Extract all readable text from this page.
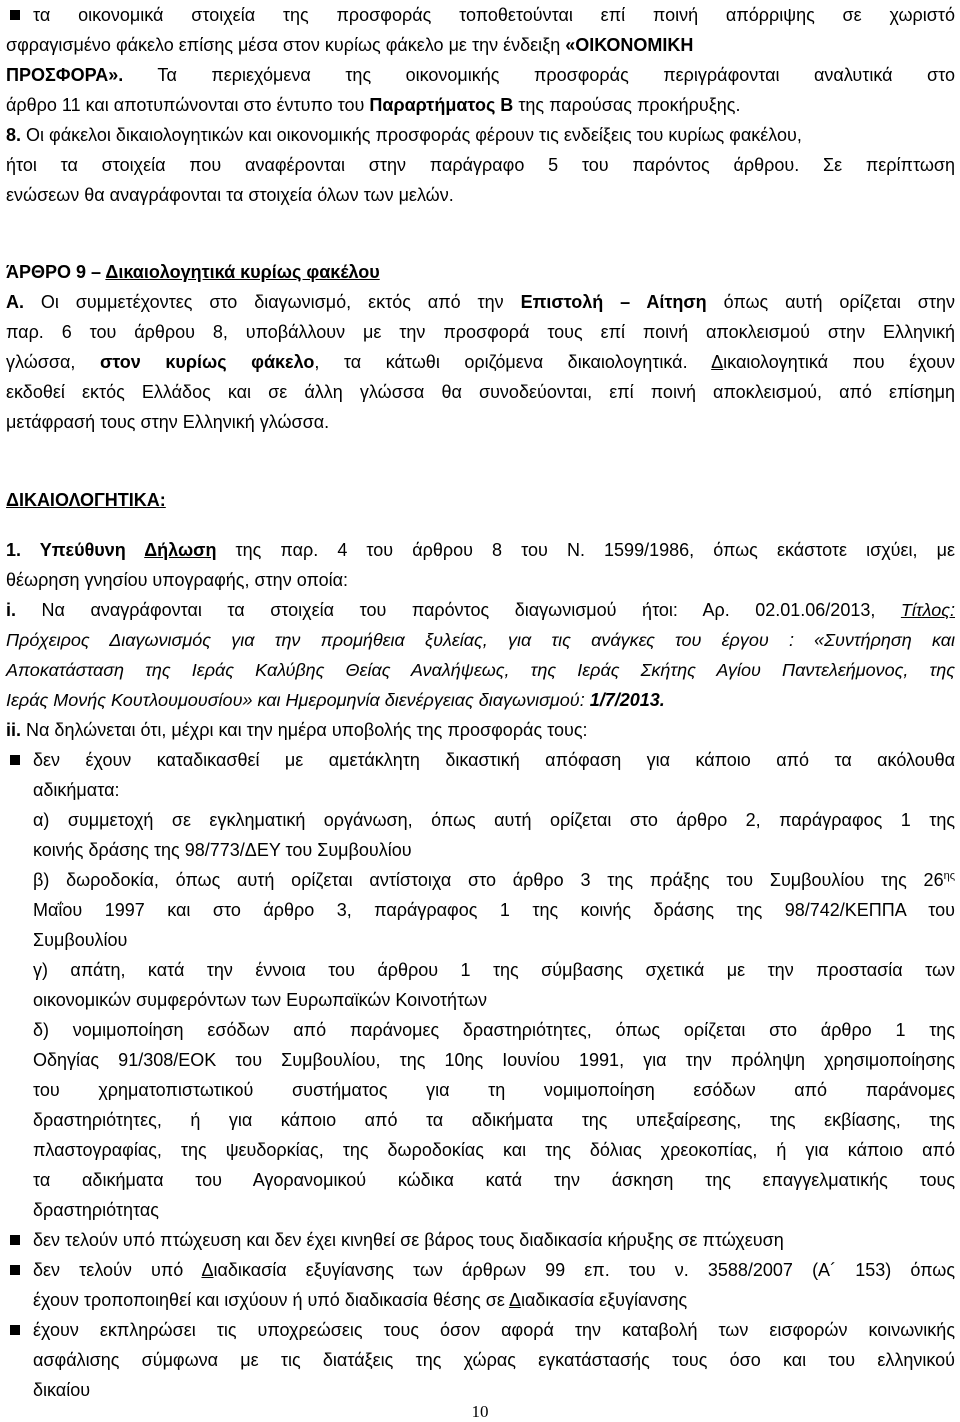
τα οικονομικά στοιχεία της προσφοράς τοποθετούνται επί ποινή απόρριψης σε χωριστό
σφραγισμένο φάκελο επίσης μέσα στον κυρίως φάκελο με την ένδειξη «ΟΙΚΟΝΟΜΙΚΗ
ΠΡΟΣΦΟΡΑ». Τα περιεχόμενα της οικονομικής προσφοράς περιγράφονται αναλυτικά στο
άρθρο 11 και αποτυπώνονται στο έντυπο του Παραρτήματος Β της παρούσας προκήρυξης.
8. Οι φάκελοι δικαιολογητικών και οικονομικής προσφοράς φέρουν τις ενδείξεις του κυρίως φακέλου,
ήτοι τα στοιχεία που αναφέρονται στην παράγραφο 5 του παρόντος άρθρου. Σε περίπτωση
ενώσεων θα αναγράφονται τα στοιχεία όλων των μελών.
ΆΡΘΡΟ 9 – Δικαιολογητικά κυρίως φακέλου
Α. Οι συμμετέχοντες στο διαγωνισμό, εκτός από την Επιστολή – Αίτηση όπως αυτή ορίζεται στην
παρ. 6 του άρθρου 8, υποβάλλουν με την προσφορά τους επί ποινή αποκλεισμού στην Ελληνική
γλώσσα, στον κυρίως φάκελο, τα κάτωθι οριζόμενα δικαιολογητικά. Δικαιολογητικά που έχουν
εκδοθεί εκτός Ελλάδος και σε άλλη γλώσσα θα συνοδεύονται, επί ποινή αποκλεισμού, από επίσημη
μετάφρασή τους στην Ελληνική γλώσσα.
ΔΙΚΑΙΟΛΟΓΗΤΙΚΑ:
1. Υπεύθυνη Δήλωση της παρ. 4 του άρθρου 8 του Ν. 1599/1986, όπως εκάστοτε ισχύει, με
θέωρηση γνησίου υπογραφής, στην οποία:
i. Να αναγράφονται τα στοιχεία του παρόντος διαγωνισμού ήτοι: Αρ. 02.01.06/2013, Τίτλος:
Πρόχειρος Διαγωνισμός για την προμήθεια ξυλείας, για τις ανάγκες του έργου : «Συντήρηση και
Αποκατάσταση της Ιεράς Καλύβης Θείας Αναλήψεως, της Ιεράς Σκήτης Αγίου Παντελεήμονος, της
Ιεράς Μονής Κουτλουμουσίου» και Ημερομηνία διενέργειας διαγωνισμού: 1/7/2013.
ii. Να δηλώνεται ότι, μέχρι και την ημέρα υποβολής της προσφοράς τους:
δεν έχουν καταδικασθεί με αμετάκλητη δικαστική απόφαση για κάποιο από τα ακόλουθα
αδικήματα:
α) συμμετοχή σε εγκληματική οργάνωση, όπως αυτή ορίζεται στο άρθρο 2, παράγραφος 1 της
κοινής δράσης της 98/773/ΔΕΥ του Συμβουλίου
β) δωροδοκία, όπως αυτή ορίζεται αντίστοιχα στο άρθρο 3 της πράξης του Συμβουλίου της $26^{\eta\varsigma}$
Μαΐου 1997 και στο άρθρο 3, παράγραφος 1 της κοινής δράσης της 98/742/ΚΕΠΠΑ του
Συμβουλίου
γ) απάτη, κατά την έννοια του άρθρου 1 της σύμβασης σχετικά με την προστασία των
οικονομικών συμφερόντων των Ευρωπαϊκών Κοινοτήτων
δ) νομιμοποίηση εσόδων από παράνομες δραστηριότητες, όπως ορίζεται στο άρθρο 1 της
Οδηγίας 91/308/ΕΟΚ του Συμβουλίου, της 10ης Ιουνίου 1991, για την πρόληψη χρησιμοποίησης
του χρηματοπιστωτικού συστήματος για τη νομιμοποίηση εσόδων από παράνομες
δραστηριότητες, ή για κάποιο από τα αδικήματα της υπεξαίρεσης, της εκβίασης, της
πλαστογραφίας, της ψευδορκίας, της δωροδοκίας και της δόλιας χρεοκοπίας, ή για κάποιο από
τα αδικήματα του Αγορανομικού κώδικα κατά την άσκηση της επαγγελματικής τους
δραστηριότητας
δεν τελούν υπό πτώχευση και δεν έχει κινηθεί σε βάρος τους διαδικασία κήρυξης σε πτώχευση
δεν τελούν υπό Διαδικασία εξυγίανσης των άρθρων 99 επ. του ν. 3588/2007 (Α´ 153) όπως
έχουν τροποποιηθεί και ισχύουν ή υπό διαδικασία θέσης σε Διαδικασία εξυγίανσης
έχουν εκπληρώσει τις υποχρεώσεις τους όσον αφορά την καταβολή των εισφορών κοινωνικής
ασφάλισης σύμφωνα με τις διατάξεις της χώρας εγκατάστασής τους όσο και του ελληνικού
δικαίου
10
